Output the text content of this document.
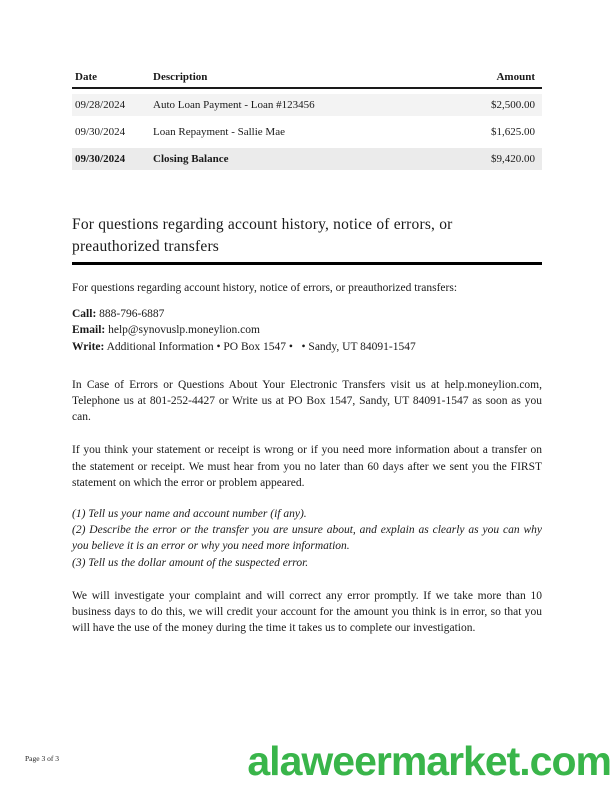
Date	Description	Amount
09/28/2024	Auto Loan Payment - Loan #123456	$2,500.00
09/30/2024	Loan Repayment - Sallie Mae	$1,625.00
09/30/2024	Closing Balance	$9,420.00
For questions regarding account history, notice of errors, or preauthorized transfers

For questions regarding account history, notice of errors, or preauthorized transfers:

Call: 888-796-6887

Email: help@synovuslp.moneylion.com

Write: Additional Information • PO Box 1547 •   • Sandy, UT 84091-1547

In Case of Errors or Questions About Your Electronic Transfers visit us at help.moneylion.com, Telephone us at 801-252-4427 or Write us at PO Box 1547, Sandy, UT 84091-1547 as soon as you can.

If you think your statement or receipt is wrong or if you need more information about a transfer on the statement or receipt. We must hear from you no later than 60 days after we sent you the FIRST statement on which the error or problem appeared.

(1) Tell us your name and account number (if any).

(2) Describe the error or the transfer you are unsure about, and explain as clearly as you can why you believe it is an error or why you need more information.

(3) Tell us the dollar amount of the suspected error.

We will investigate your complaint and will correct any error promptly. If we take more than 10 business days to do this, we will credit your account for the amount you think is in error, so that you will have the use of the money during the time it takes us to complete our investigation.

Page 3 of 3	alaweermarket.com
